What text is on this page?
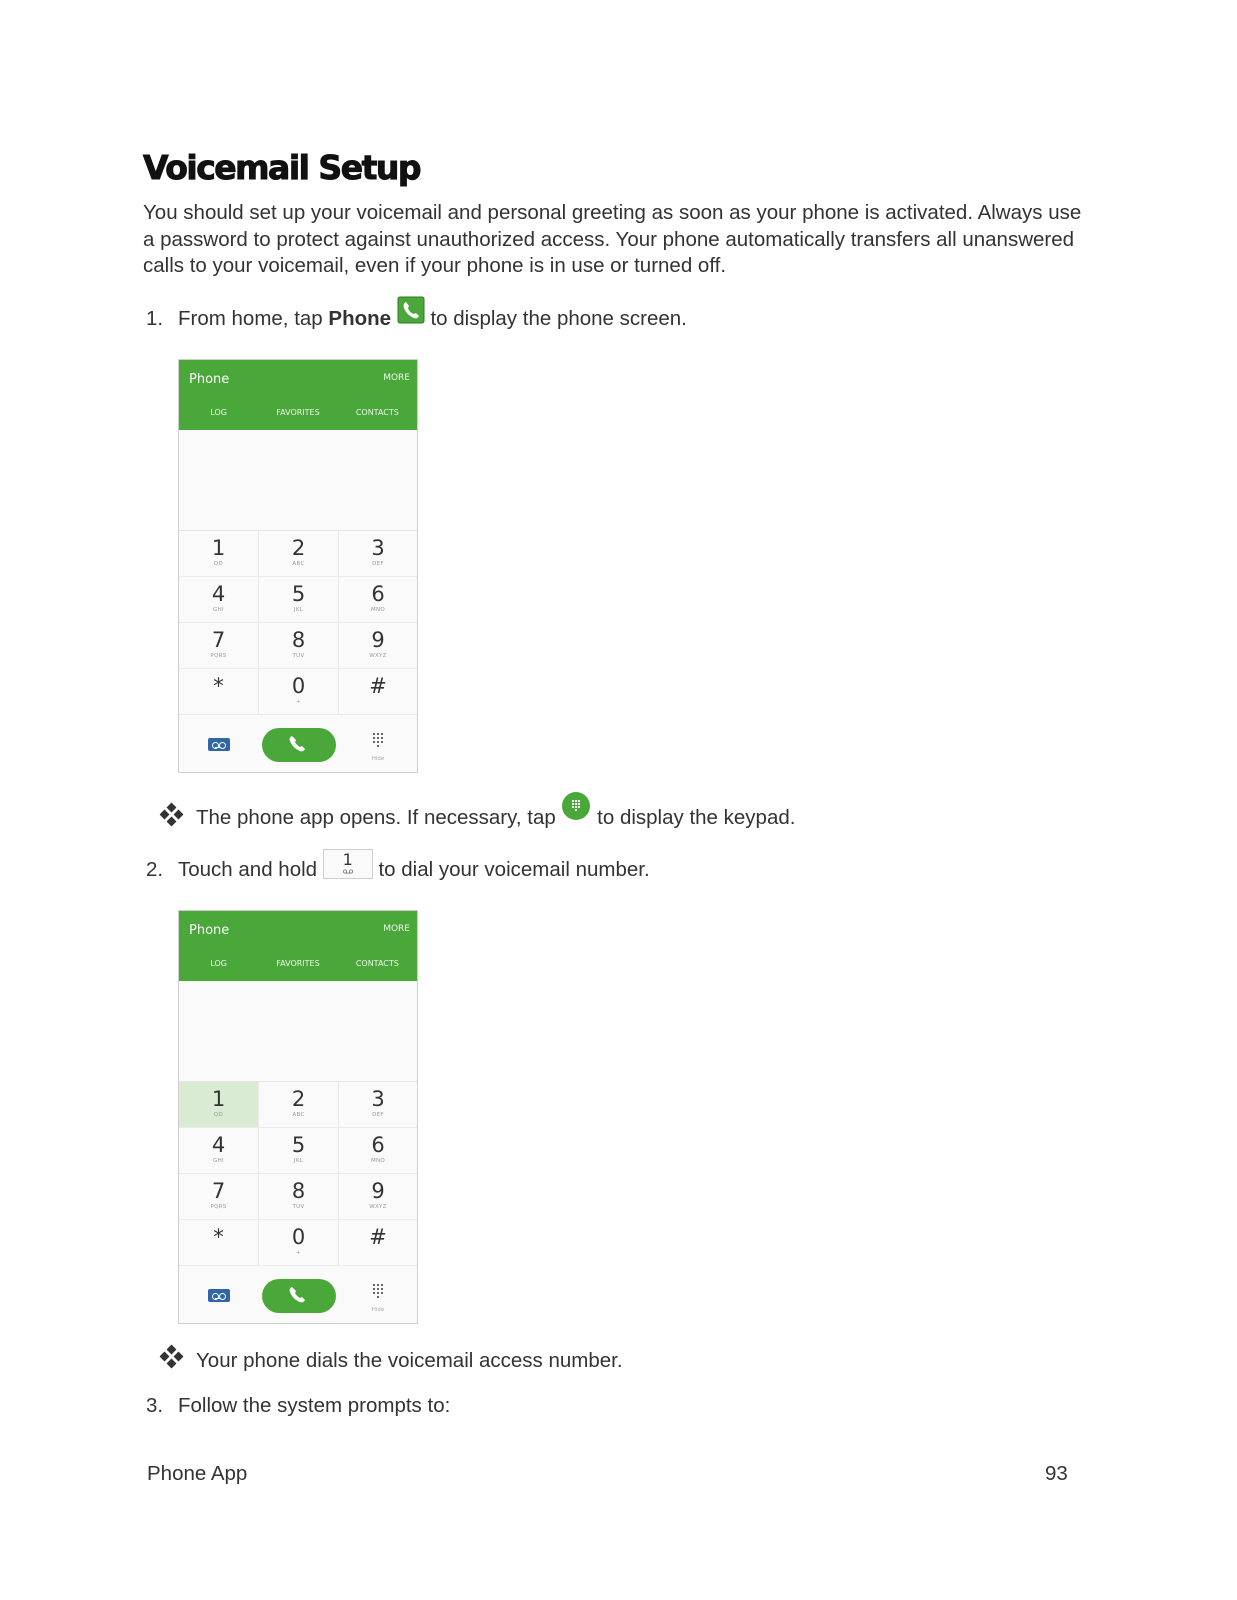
Voicemail Setup
You should set up your voicemail and personal greeting as soon as your phone is activated. Always use a password to protect against unauthorized access. Your phone automatically transfers all unanswered calls to your voicemail, even if your phone is in use or turned off.
1. From home, tap Phone  to display the phone screen.
Phone	MORE
LOG	FAVORITES	CONTACTS
1
QD
2
ABC
3
DEF
4
GHI
5
JKL
6
MNO
7
PQRS
8
TUV
9
WXYZ
*	0
+
#
Hide
The phone app opens. If necessary, tap  to display the keypad.
2. Touch and hold	1 to dial your voicemail number.
Phone	MORE
LOG	FAVORITES	CONTACTS
1
QD
2
ABC
3
DEF
4
GHI
5
JKL
6
MNO
7
PQRS
8
TUV
9
WXYZ
*	0
+
#
Hide
Your phone dials the voicemail access number.
3. Follow the system prompts to:
Phone App	93
